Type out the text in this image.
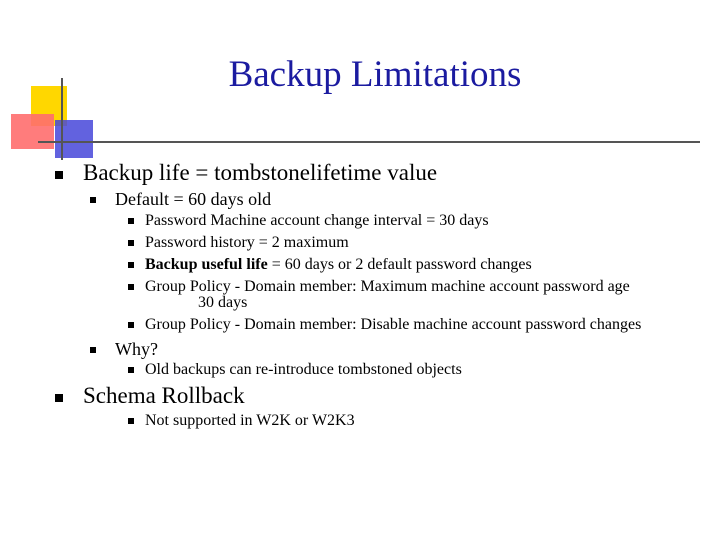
Backup Limitations
Backup life = tombstonelifetime value
Default = 60 days old
Password Machine account change interval = 30 days
Password history = 2 maximum
Backup useful life = 60 days or 2 default password changes
Group Policy - Domain member: Maximum machine account password age
30 days
Group Policy - Domain member: Disable machine account password changes
Why?
Old backups can re-introduce tombstoned objects
Schema Rollback
Not supported in W2K or W2K3
